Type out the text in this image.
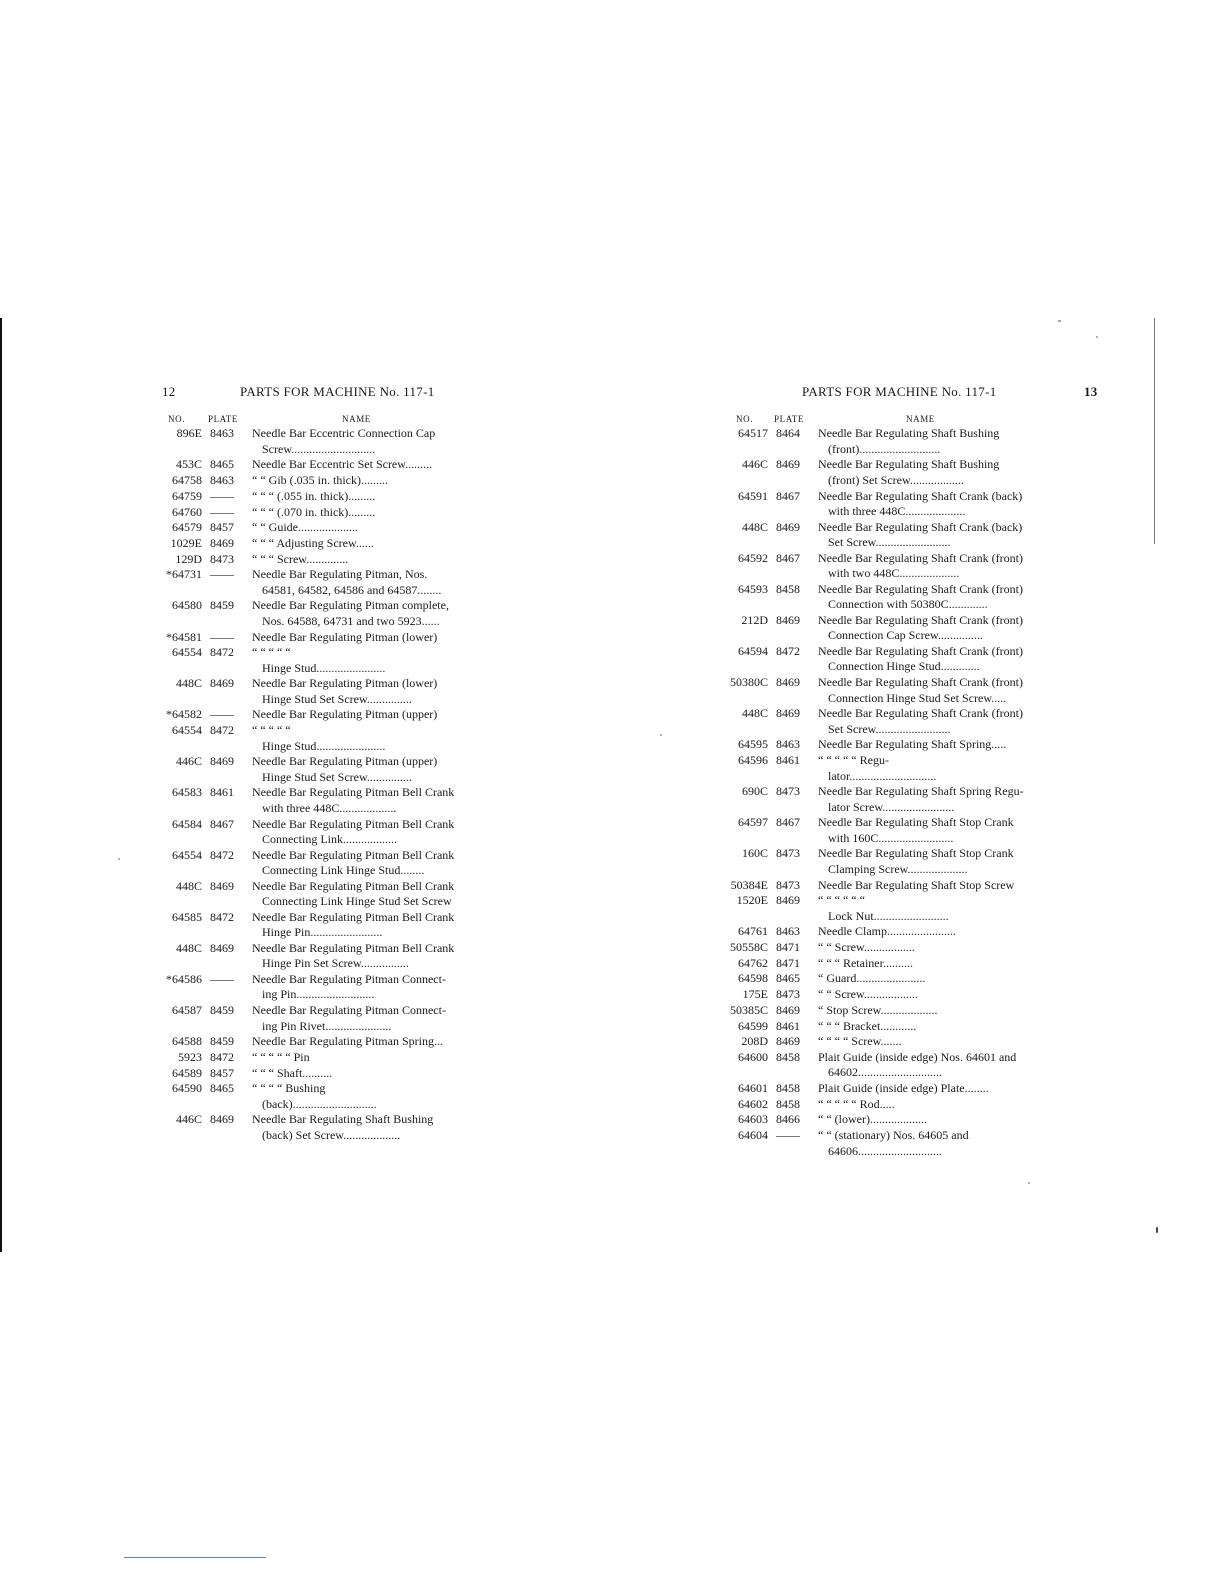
12	PARTS FOR MACHINE No. 117-1
NO.	PLATE	NAME
896E 8463	Needle Bar Eccentric Connection Cap
Screw............................
453C 8465	Needle Bar Eccentric Set Screw.........
64758 8463	“ “ Gib (.035 in. thick).........
64759 ——	“ “ “ (.055 in. thick).........
64760 ——	“ “ “ (.070 in. thick).........
64579 8457	“ “ Guide....................
1029E 8469	“ “ “ Adjusting Screw......
129D 8473	“ “ “ Screw..............
*64731 ——	Needle Bar Regulating Pitman, Nos.
64581, 64582, 64586 and 64587........
64580 8459	Needle Bar Regulating Pitman complete,
Nos. 64588, 64731 and two 5923......
*64581 ——	Needle Bar Regulating Pitman (lower)
64554 8472	“ “ “ “ “
Hinge Stud.......................
448C 8469	Needle Bar Regulating Pitman (lower)
Hinge Stud Set Screw...............
*64582 ——	Needle Bar Regulating Pitman (upper)
64554 8472	“ “ “ “ “
Hinge Stud.......................
446C 8469	Needle Bar Regulating Pitman (upper)
Hinge Stud Set Screw...............
64583 8461	Needle Bar Regulating Pitman Bell Crank
with three 448C...................
64584 8467	Needle Bar Regulating Pitman Bell Crank
Connecting Link..................
64554 8472	Needle Bar Regulating Pitman Bell Crank
Connecting Link Hinge Stud........
448C 8469	Needle Bar Regulating Pitman Bell Crank
Connecting Link Hinge Stud Set Screw
64585 8472	Needle Bar Regulating Pitman Bell Crank
Hinge Pin........................
448C 8469	Needle Bar Regulating Pitman Bell Crank
Hinge Pin Set Screw................
*64586 ——	Needle Bar Regulating Pitman Connect-
ing Pin..........................
64587 8459	Needle Bar Regulating Pitman Connect-
ing Pin Rivet......................
64588 8459	Needle Bar Regulating Pitman Spring...
5923 8472	“ “ “ “ “ Pin
64589 8457	“ “ “ Shaft..........
64590 8465	“ “ “ “ Bushing
(back)............................
446C 8469	Needle Bar Regulating Shaft Bushing
(back) Set Screw...................
PARTS FOR MACHINE No. 117-1	13
NO. PLATE	NAME
64517 8464	Needle Bar Regulating Shaft Bushing
(front)...........................
446C 8469	Needle Bar Regulating Shaft Bushing
(front) Set Screw..................
64591 8467	Needle Bar Regulating Shaft Crank (back)
with three 448C....................
448C 8469	Needle Bar Regulating Shaft Crank (back)
Set Screw.........................
64592 8467	Needle Bar Regulating Shaft Crank (front)
with two 448C....................
64593 8458	Needle Bar Regulating Shaft Crank (front)
Connection with 50380C.............
212D 8469	Needle Bar Regulating Shaft Crank (front)
Connection Cap Screw...............
64594 8472	Needle Bar Regulating Shaft Crank (front)
Connection Hinge Stud.............
50380C 8469	Needle Bar Regulating Shaft Crank (front)
Connection Hinge Stud Set Screw.....
448C 8469	Needle Bar Regulating Shaft Crank (front)
Set Screw.........................
64595 8463	Needle Bar Regulating Shaft Spring.....
64596 8461	“ “ “ “ “ Regu-
lator.............................
690C 8473	Needle Bar Regulating Shaft Spring Regu-
lator Screw........................
64597 8467	Needle Bar Regulating Shaft Stop Crank
with 160C.........................
160C 8473	Needle Bar Regulating Shaft Stop Crank
Clamping Screw....................
50384E 8473	Needle Bar Regulating Shaft Stop Screw
1520E 8469	“ “ “ “ “ “
Lock Nut.........................
64761 8463	Needle Clamp.......................
50558C 8471	“ “ Screw.................
64762 8471	“ “ “ Retainer..........
64598 8465	“ Guard.......................
175E 8473	“ “ Screw..................
50385C 8469	“ Stop Screw...................
64599 8461	“ “ “ Bracket............
208D 8469	“ “ “ “ Screw.......
64600 8458	Plait Guide (inside edge) Nos. 64601 and
64602............................
64601 8458	Plait Guide (inside edge) Plate........
64602 8458	“ “ “ “ “ Rod.....
64603 8466	“ “ (lower)...................
64604 ——	“ “ (stationary) Nos. 64605 and
64606............................
